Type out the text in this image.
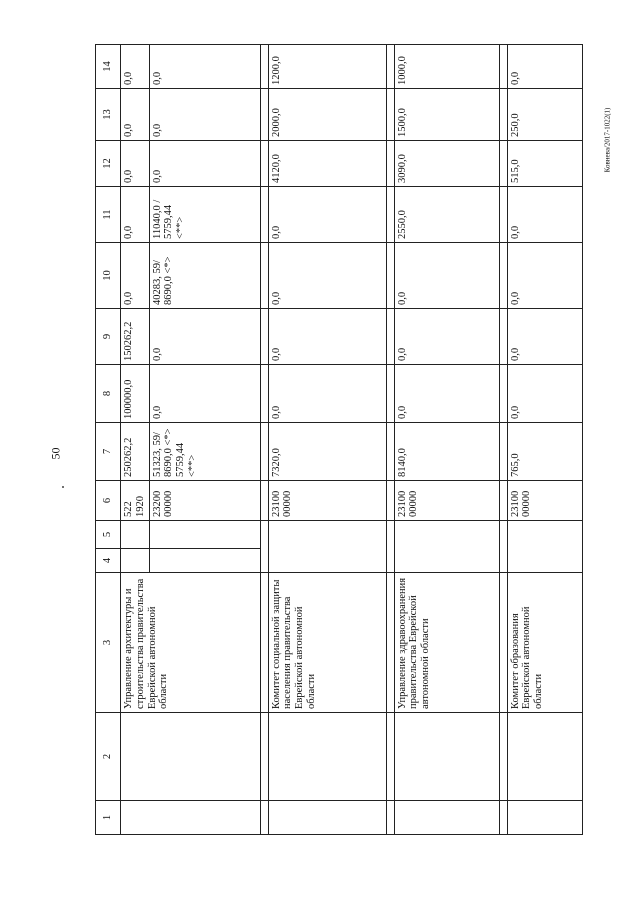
50
Ковнева/2017-1022(1)
1	2	3	4	5	6	7	8	9	10	11	12	13	14
		Управление архитектуры и строительства правительства Еврейской автономной области			522 1920	250262,2	100000,0	150262,2	0,0	0,0	0,0	0,0	0,0
					23200 00000	51323, 59/ 8690,0 <*> 5759,44 <**>	0,0	0,0	40283, 59/ 8690,0 <*>	11040,0 / 5759,44 <**>	0,0	0,0	0,0

		Комитет социальной защиты населения правительства Еврейской автономной области			23100 00000	7320,0	0,0	0,0	0,0	0,0	4120,0	2000,0	1200,0

		Управление здравоохранения правительства Еврейской автономной области			23100 00000	8140,0	0,0	0,0	0,0	2550,0	3090,0	1500,0	1000,0

		Комитет образования Еврейской автономной области			23100 00000	765,0	0,0	0,0	0,0	0,0	515,0	250,0	0,0
